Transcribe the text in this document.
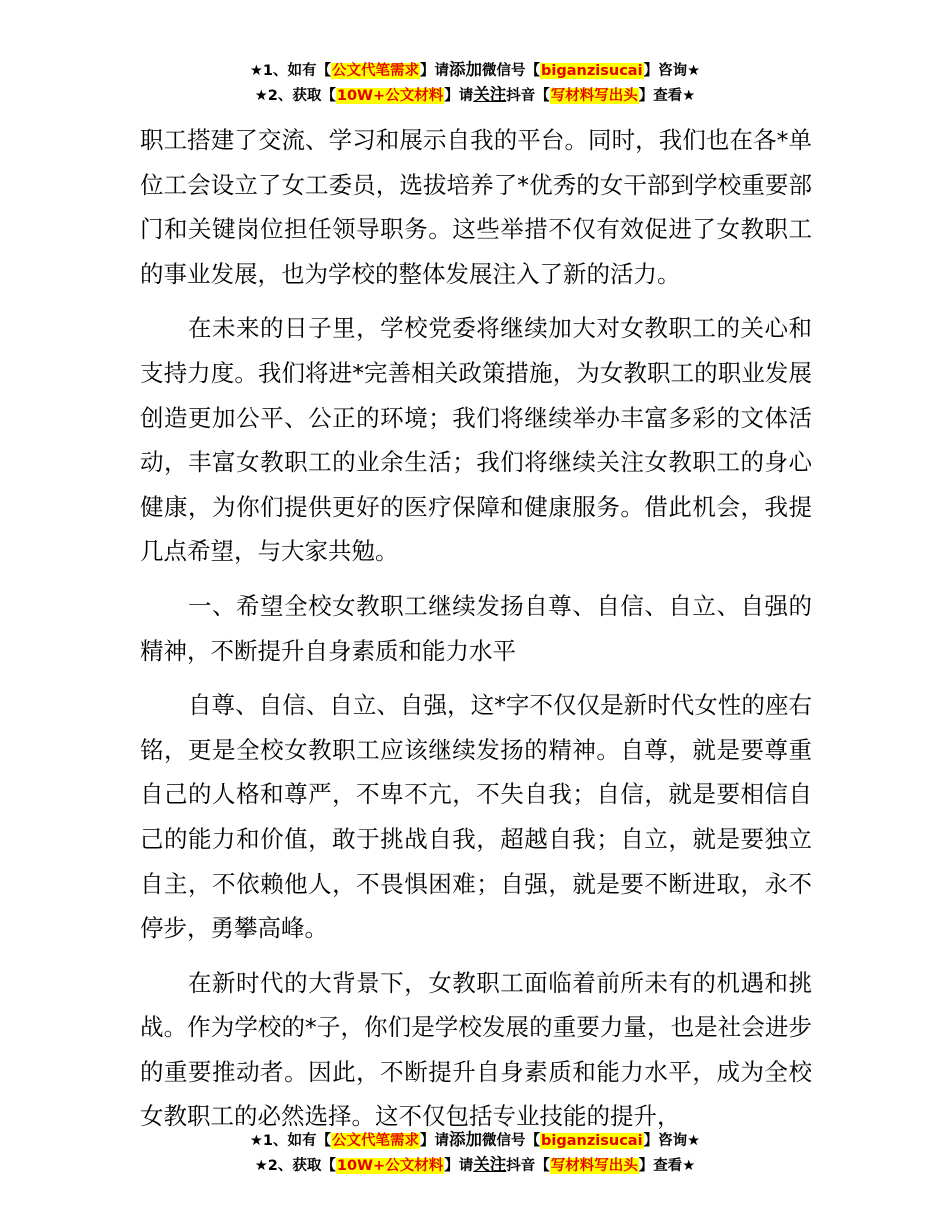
★1、如有【公文代笔需求】请添加微信号【biganzisucai】咨询★
★2、获取【10W+公文材料】请关注抖音【写材料写出头】查看★

职工搭建了交流、学习和展示自我的平台。同时，我们也在各*单位工会设立了女工委员，选拔培养了*优秀的女干部到学校重要部门和关键岗位担任领导职务。这些举措不仅有效促进了女教职工的事业发展，也为学校的整体发展注入了新的活力。

在未来的日子里，学校党委将继续加大对女教职工的关心和支持力度。我们将进*完善相关政策措施，为女教职工的职业发展创造更加公平、公正的环境；我们将继续举办丰富多彩的文体活动，丰富女教职工的业余生活；我们将继续关注女教职工的身心健康，为你们提供更好的医疗保障和健康服务。借此机会，我提几点希望，与大家共勉。

一、希望全校女教职工继续发扬自尊、自信、自立、自强的精神，不断提升自身素质和能力水平

自尊、自信、自立、自强，这*字不仅仅是新时代女性的座右铭，更是全校女教职工应该继续发扬的精神。自尊，就是要尊重自己的人格和尊严，不卑不亢，不失自我；自信，就是要相信自己的能力和价值，敢于挑战自我，超越自我；自立，就是要独立自主，不依赖他人，不畏惧困难；自强，就是要不断进取，永不停步，勇攀高峰。

在新时代的大背景下，女教职工面临着前所未有的机遇和挑战。作为学校的*子，你们是学校发展的重要力量，也是社会进步的重要推动者。因此，不断提升自身素质和能力水平，成为全校女教职工的必然选择。这不仅包括专业技能的提升，

★1、如有【公文代笔需求】请添加微信号【biganzisucai】咨询★
★2、获取【10W+公文材料】请关注抖音【写材料写出头】查看★
